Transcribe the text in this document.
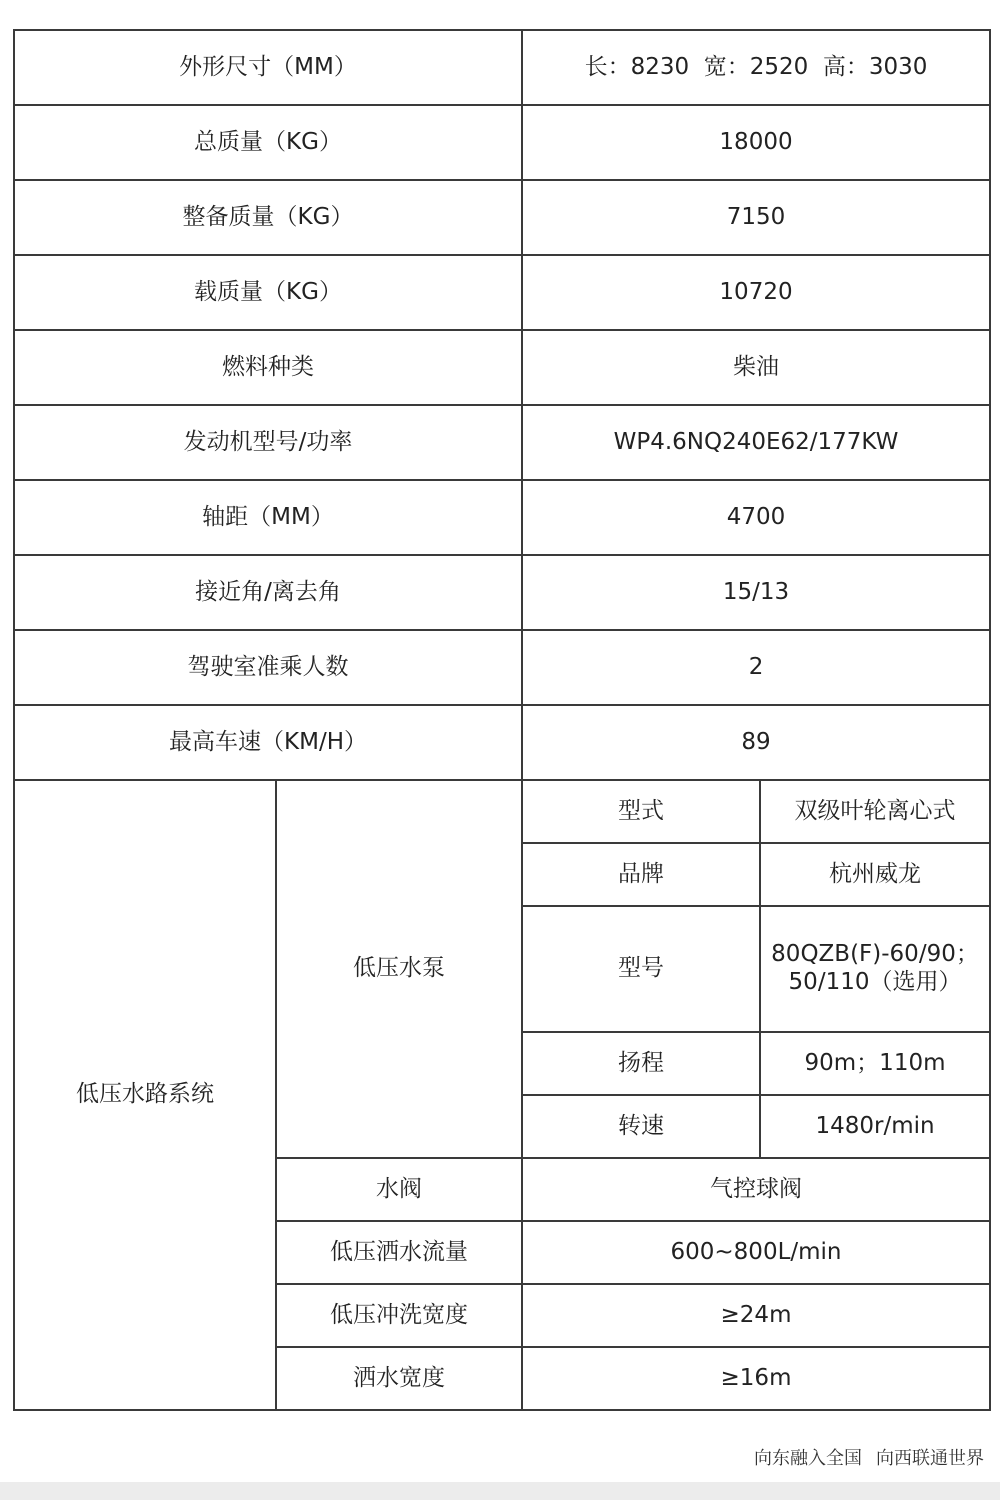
外形尺寸（MM）		长：8230  宽：2520  高：3030	
总质量（KG）		18000	
整备质量（KG）		7150	
载质量（KG）		10720	
燃料种类		柴油	
发动机型号/功率		WP4.6NQ240E62/177KW	
轴距（MM）		4700	
接近角/离去角		15/13	
驾驶室准乘人数		2	
最高车速（KM/H）		89	
低压水路系统	低压水泵	型式	双级叶轮离心式
		品牌	杭州威龙
		型号	80QZB(F)-60/90；
50/110（选用）

		扬程	90m；110m
		转速	1480r/min
	水阀	气控球阀	
	低压洒水流量	600~800L/min	
	低压冲洗宽度	≥24m	
	洒水宽度	≥16m	
向东融入全国 向西联通世界
